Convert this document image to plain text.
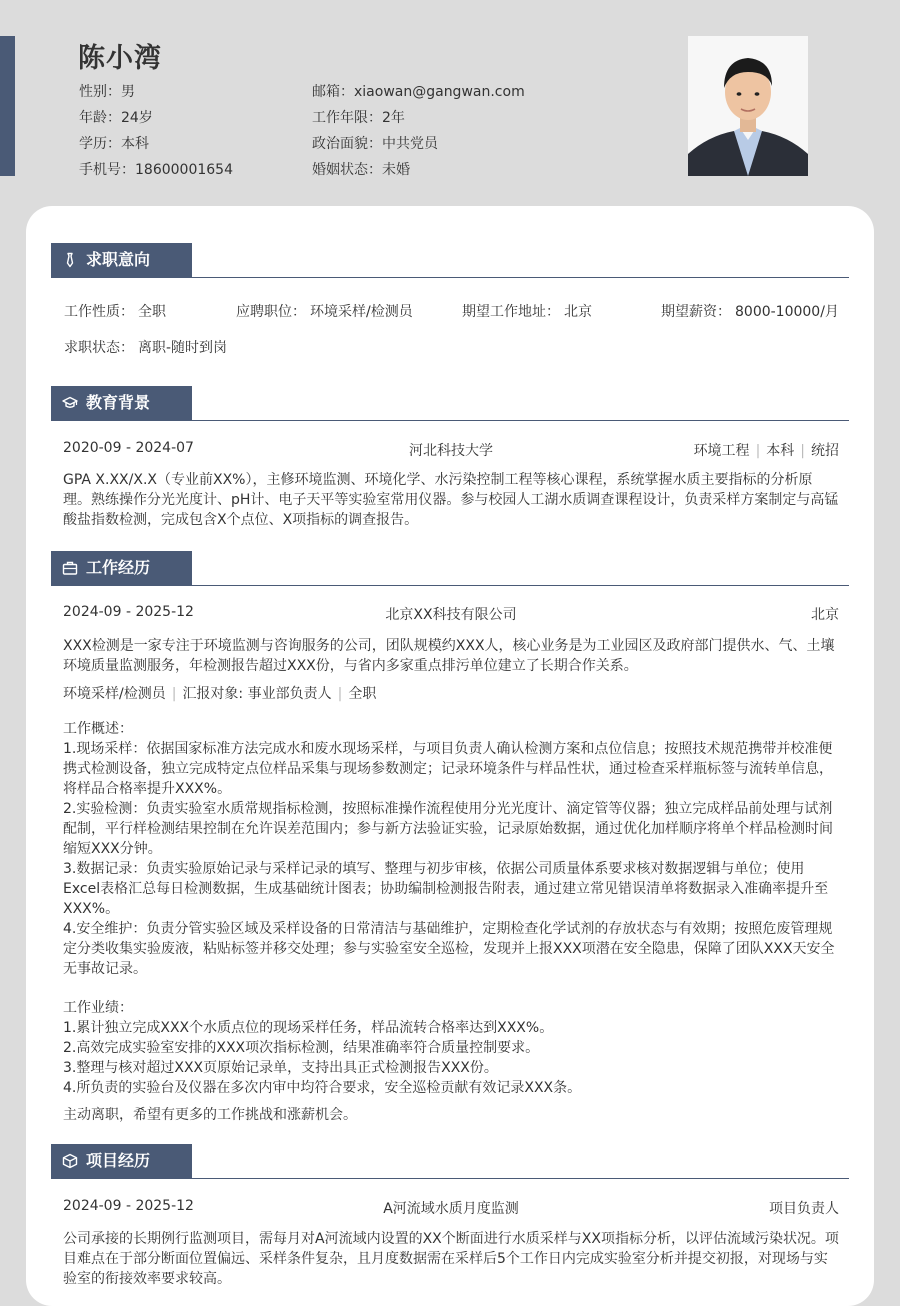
陈小湾
性别：男
年龄：24岁
学历：本科
手机号：18600001654
邮箱：xiaowan@gangwan.com
工作年限：2年
政治面貌：中共党员
婚姻状态：未婚
求职意向
工作性质： 全职	应聘职位： 环境采样/检测员	期望工作地址： 北京	期望薪资： 8000-10000/月
求职状态： 离职-随时到岗
教育背景
2020-09 - 2024-07	河北科技大学	环境工程 | 本科 | 统招
GPA X.XX/X.X（专业前XX%），主修环境监测、环境化学、水污染控制工程等核心课程，系统掌握水质主要指标的分析原理。熟练操作分光光度计、pH计、电子天平等实验室常用仪器。参与校园人工湖水质调查课程设计，负责采样方案制定与高锰酸盐指数检测，完成包含X个点位、X项指标的调查报告。
工作经历
2024-09 - 2025-12	北京XX科技有限公司	北京
XXX检测是一家专注于环境监测与咨询服务的公司，团队规模约XXX人，核心业务是为工业园区及政府部门提供水、气、土壤环境质量监测服务，年检测报告超过XXX份，与省内多家重点排污单位建立了长期合作关系。
环境采样/检测员 | 汇报对象: 事业部负责人 | 全职

工作概述：

1.现场采样：依据国家标准方法完成水和废水现场采样，与项目负责人确认检测方案和点位信息；按照技术规范携带并校准便携式检测设备，独立完成特定点位样品采集与现场参数测定；记录环境条件与样品性状，通过检查采样瓶标签与流转单信息，将样品合格率提升XXX%。

2.实验检测：负责实验室水质常规指标检测，按照标准操作流程使用分光光度计、滴定管等仪器；独立完成样品前处理与试剂配制，平行样检测结果控制在允许误差范围内；参与新方法验证实验，记录原始数据，通过优化加样顺序将单个样品检测时间缩短XXX分钟。

3.数据记录：负责实验原始记录与采样记录的填写、整理与初步审核，依据公司质量体系要求核对数据逻辑与单位；使用Excel表格汇总每日检测数据，生成基础统计图表；协助编制检测报告附表，通过建立常见错误清单将数据录入准确率提升至XXX%。

4.安全维护：负责分管实验区域及采样设备的日常清洁与基础维护，定期检查化学试剂的存放状态与有效期；按照危废管理规定分类收集实验废液，粘贴标签并移交处理；参与实验室安全巡检，发现并上报XXX项潜在安全隐患，保障了团队XXX天安全无事故记录。

工作业绩：

1.累计独立完成XXX个水质点位的现场采样任务，样品流转合格率达到XXX%。

2.高效完成实验室安排的XXX项次指标检测，结果准确率符合质量控制要求。

3.整理与核对超过XXX页原始记录单，支持出具正式检测报告XXX份。

4.所负责的实验台及仪器在多次内审中均符合要求，安全巡检贡献有效记录XXX条。

主动离职，希望有更多的工作挑战和涨薪机会。
项目经历
2024-09 - 2025-12	A河流域水质月度监测	项目负责人
公司承接的长期例行监测项目，需每月对A河流域内设置的XX个断面进行水质采样与XX项指标分析，以评估流域污染状况。项目难点在于部分断面位置偏远、采样条件复杂，且月度数据需在采样后5个工作日内完成实验室分析并提交初报，对现场与实验室的衔接效率要求较高。
